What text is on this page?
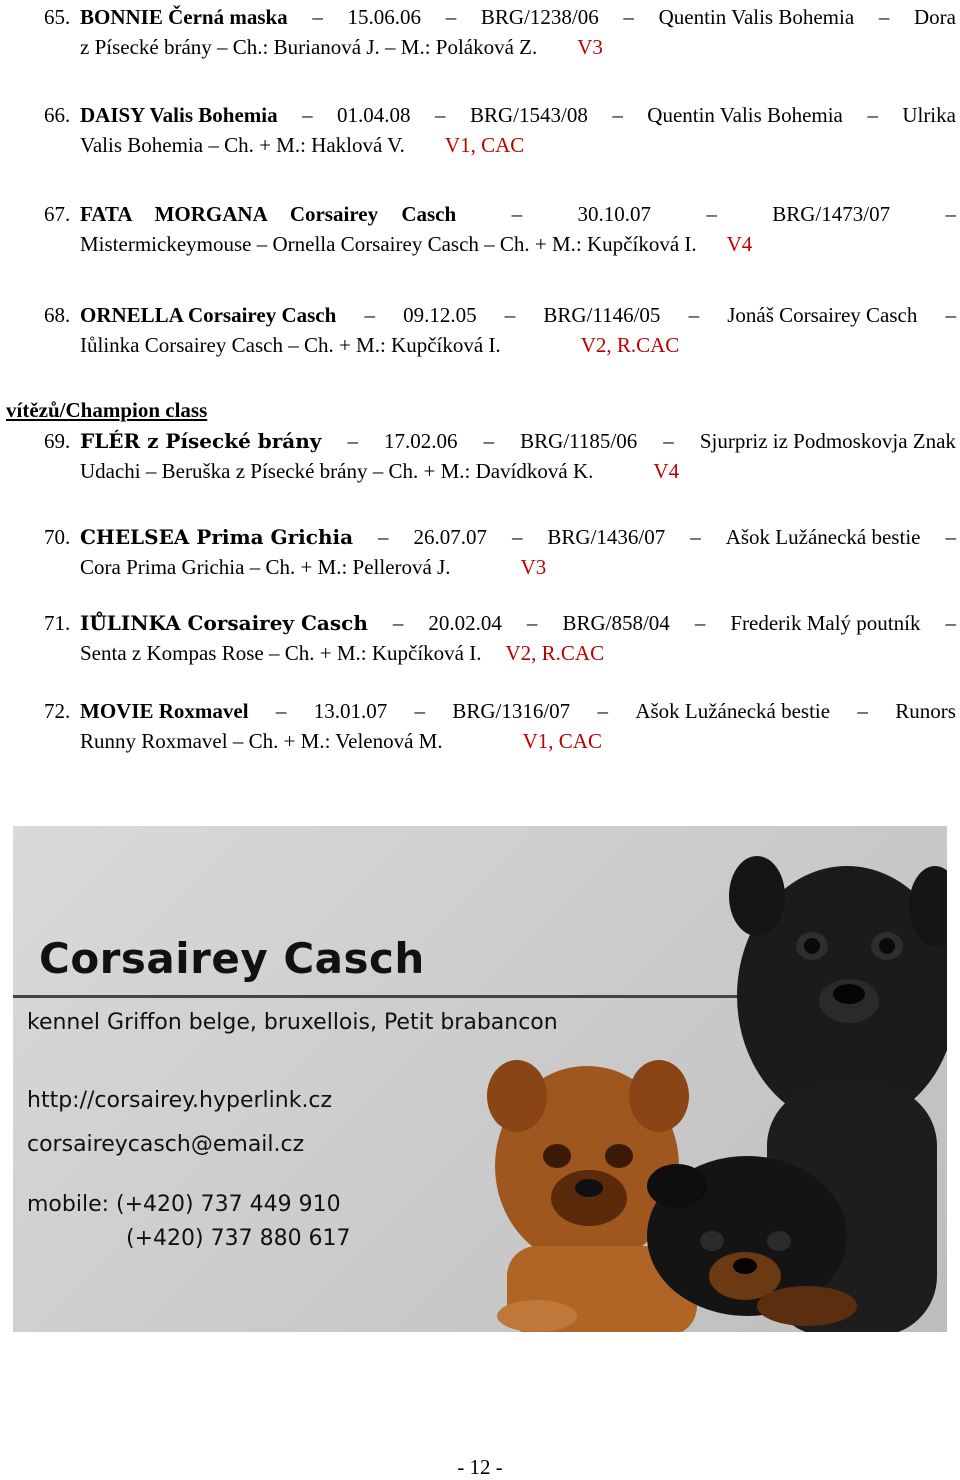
65. BONNIE Černá maska – 15.06.06 – BRG/1238/06 – Quentin Valis Bohemia – Dora
z Písecké brány – Ch.: Burianová J. – M.: Poláková Z. V3
66. DAISY Valis Bohemia – 01.04.08 – BRG/1543/08 – Quentin Valis Bohemia – Ulrika
Valis Bohemia – Ch. + M.: Haklová V. V1, CAC
67. FATA MORGANA Corsairey Casch	–	30.10.07	–	BRG/1473/07	–
Mistermickeymouse – Ornella Corsairey Casch – Ch. + M.: Kupčíková I. V4
68. ORNELLA Corsairey Casch – 09.12.05 – BRG/1146/05 – Jonáš Corsairey Casch –
Iůlinka Corsairey Casch – Ch. + M.: Kupčíková I.	V2, R.CAC
vítězů/Champion class
69. FLÉR z Písecké brány – 17.02.06 – BRG/1185/06 – Sjurpriz iz Podmoskovja Znak
Udachi – Beruška z Písecké brány – Ch. + M.: Davídková K.	V4
70. CHELSEA Prima Grichia – 26.07.07 – BRG/1436/07 – Ašok Lužánecká bestie –
Cora Prima Grichia – Ch. + M.: Pellerová J.	V3
71. IŮLINKA Corsairey Casch – 20.02.04 – BRG/858/04 – Frederik Malý poutník –
Senta z Kompas Rose – Ch. + M.: Kupčíková I. V2, R.CAC
72. MOVIE Roxmavel – 13.01.07 – BRG/1316/07 – Ašok Lužánecká bestie – Runors
Runny Roxmavel – Ch. + M.: Velenová M.	V1, CAC
Corsairey Casch
kennel Griffon belge, bruxellois, Petit brabancon
http://corsairey.hyperlink.cz
corsaireycasch@email.cz
mobile: (+420) 737 449 910
(+420) 737 880 617
- 12 -
